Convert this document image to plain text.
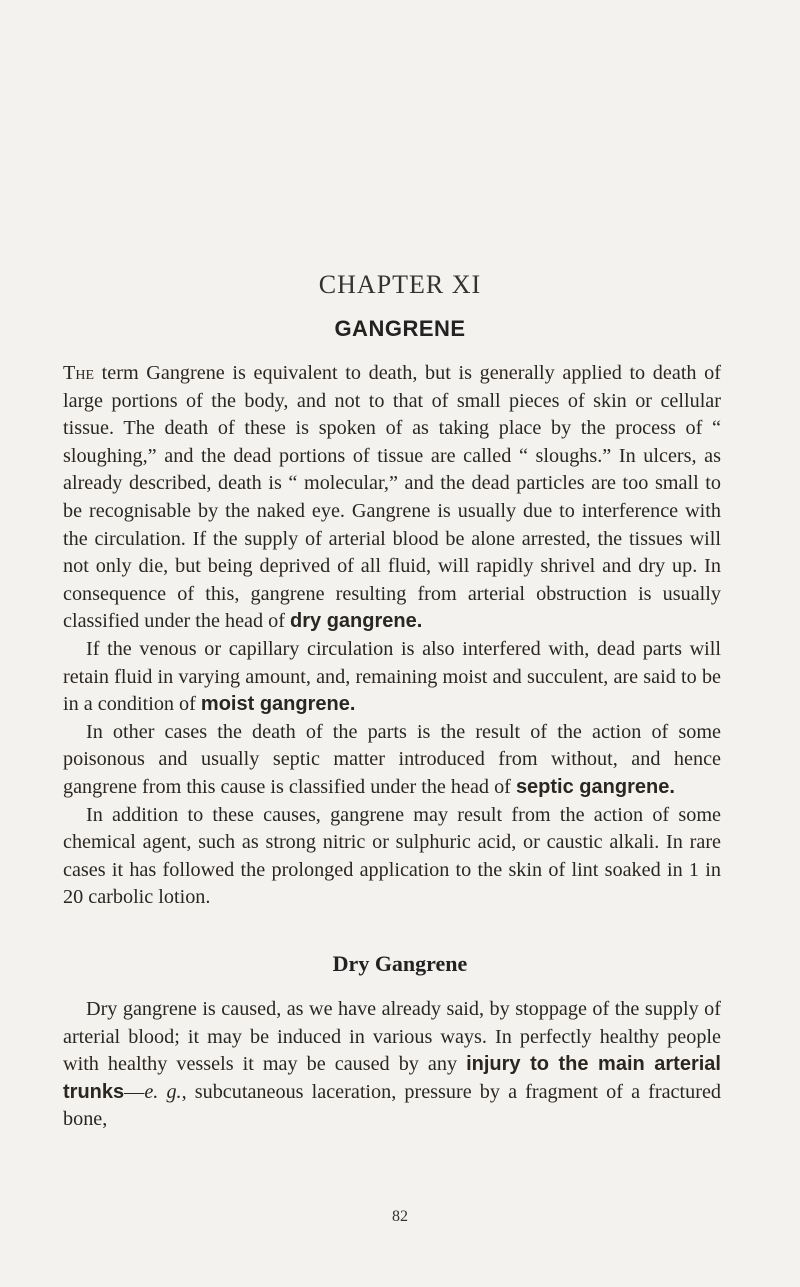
CHAPTER XI
GANGRENE

The term Gangrene is equivalent to death, but is generally applied to death of large portions of the body, and not to that of small pieces of skin or cellular tissue. The death of these is spoken of as taking place by the process of “ sloughing,” and the dead portions of tissue are called “ sloughs.” In ulcers, as already described, death is “ molecular,” and the dead particles are too small to be recognisable by the naked eye. Gangrene is usually due to interference with the circulation. If the supply of arterial blood be alone arrested, the tissues will not only die, but being deprived of all fluid, will rapidly shrivel and dry up. In consequence of this, gangrene resulting from arterial obstruction is usually classified under the head of dry gangrene.

If the venous or capillary circulation is also interfered with, dead parts will retain fluid in varying amount, and, remaining moist and succulent, are said to be in a condition of moist gangrene.

In other cases the death of the parts is the result of the action of some poisonous and usually septic matter introduced from without, and hence gangrene from this cause is classified under the head of septic gangrene.

In addition to these causes, gangrene may result from the action of some chemical agent, such as strong nitric or sulphuric acid, or caustic alkali. In rare cases it has followed the prolonged application to the skin of lint soaked in 1 in 20 carbolic lotion.

Dry Gangrene

Dry gangrene is caused, as we have already said, by stoppage of the supply of arterial blood; it may be induced in various ways. In perfectly healthy people with healthy vessels it may be caused by any injury to the main arterial trunks—e. g., subcutaneous laceration, pressure by a fragment of a fractured bone,

82
